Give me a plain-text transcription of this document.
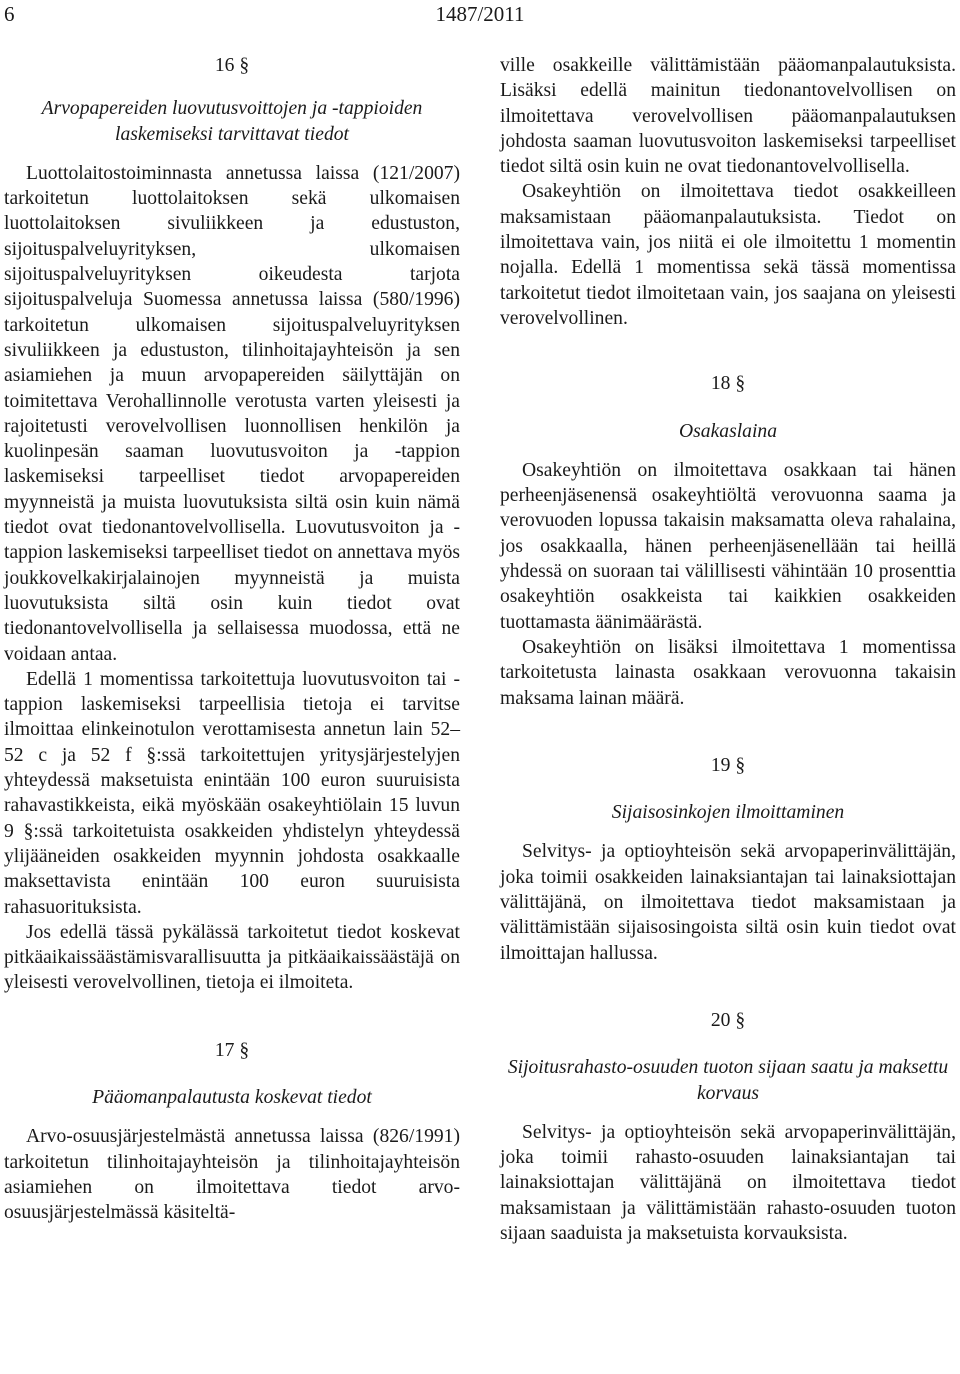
6	1487/2011

16 §

Arvopapereiden luovutusvoittojen ja -tappioiden laskemiseksi tarvittavat tiedot

Luottolaitostoiminnasta annetussa laissa (121/2007) tarkoitetun luottolaitoksen sekä ulkomaisen luottolaitoksen sivuliikkeen ja edustuston, sijoituspalveluyrityksen, ulkomaisen sijoituspalveluyrityksen oikeudesta tarjota sijoituspalveluja Suomessa annetussa laissa (580/1996) tarkoitetun ulkomaisen sijoituspalveluyrityksen sivuliikkeen ja edustuston, tilinhoitajayhteisön ja sen asiamiehen ja muun arvopapereiden säilyttäjän on toimitettava Verohallinnolle verotusta varten yleisesti ja rajoitetusti verovelvollisen luonnollisen henkilön ja kuolinpesän saaman luovutusvoiton ja -tappion laskemiseksi tarpeelliset tiedot arvopapereiden myynneistä ja muista luovutuksista siltä osin kuin nämä tiedot ovat tiedonantovelvollisella. Luovutusvoiton ja -tappion laskemiseksi tarpeelliset tiedot on annettava myös joukkovelkakirjalainojen myynneistä ja muista luovutuksista siltä osin kuin tiedot ovat tiedonantovelvollisella ja sellaisessa muodossa, että ne voidaan antaa.

Edellä 1 momentissa tarkoitettuja luovutusvoiton tai -tappion laskemiseksi tarpeellisia tietoja ei tarvitse ilmoittaa elinkeinotulon verottamisesta annetun lain 52–52 c ja 52 f §:ssä tarkoitettujen yritysjärjestelyjen yhteydessä maksetuista enintään 100 euron suuruisista rahavastikkeista, eikä myöskään osakeyhtiölain 15 luvun 9 §:ssä tarkoitetuista osakkeiden yhdistelyn yhteydessä ylijääneiden osakkeiden myynnin johdosta osakkaalle maksettavista enintään 100 euron suuruisista rahasuorituksista.

Jos edellä tässä pykälässä tarkoitetut tiedot koskevat pitkäaikaissäästämisvarallisuutta ja pitkäaikaissäästäjä on yleisesti verovelvollinen, tietoja ei ilmoiteta.

17 §

Pääomanpalautusta koskevat tiedot

Arvo-osuusjärjestelmästä annetussa laissa (826/1991) tarkoitetun tilinhoitajayhteisön ja tilinhoitajayhteisön asiamiehen on ilmoitettava tiedot arvo-osuusjärjestelmässä käsiteltä-

ville osakkeille välittämistään pääomanpalautuksista. Lisäksi edellä mainitun tiedonantovelvollisen on ilmoitettava verovelvollisen pääomanpalautuksen johdosta saaman luovutusvoiton laskemiseksi tarpeelliset tiedot siltä osin kuin ne ovat tiedonantovelvollisella.

Osakeyhtiön on ilmoitettava tiedot osakkeilleen maksamistaan pääomanpalautuksista. Tiedot on ilmoitettava vain, jos niitä ei ole ilmoitettu 1 momentin nojalla. Edellä 1 momentissa sekä tässä momentissa tarkoitetut tiedot ilmoitetaan vain, jos saajana on yleisesti verovelvollinen.

18 §

Osakaslaina

Osakeyhtiön on ilmoitettava osakkaan tai hänen perheenjäsenensä osakeyhtiöltä verovuonna saama ja verovuoden lopussa takaisin maksamatta oleva rahalaina, jos osakkaalla, hänen perheenjäsenellään tai heillä yhdessä on suoraan tai välillisesti vähintään 10 prosenttia osakeyhtiön osakkeista tai kaikkien osakkeiden tuottamasta äänimäärästä.

Osakeyhtiön on lisäksi ilmoitettava 1 momentissa tarkoitetusta lainasta osakkaan verovuonna takaisin maksama lainan määrä.

19 §

Sijaisosinkojen ilmoittaminen

Selvitys- ja optioyhteisön sekä arvopaperinvälittäjän, joka toimii osakkeiden lainaksiantajan tai lainaksiottajan välittäjänä, on ilmoitettava tiedot maksamistaan ja välittämistään sijaisosingoista siltä osin kuin tiedot ovat ilmoittajan hallussa.

20 §

Sijoitusrahasto-osuuden tuoton sijaan saatu ja maksettu korvaus

Selvitys- ja optioyhteisön sekä arvopaperinvälittäjän, joka toimii rahasto-osuuden lainaksiantajan tai lainaksiottajan välittäjänä on ilmoitettava tiedot maksamistaan ja välittämistään rahasto-osuuden tuoton sijaan saaduista ja maksetuista korvauksista.
